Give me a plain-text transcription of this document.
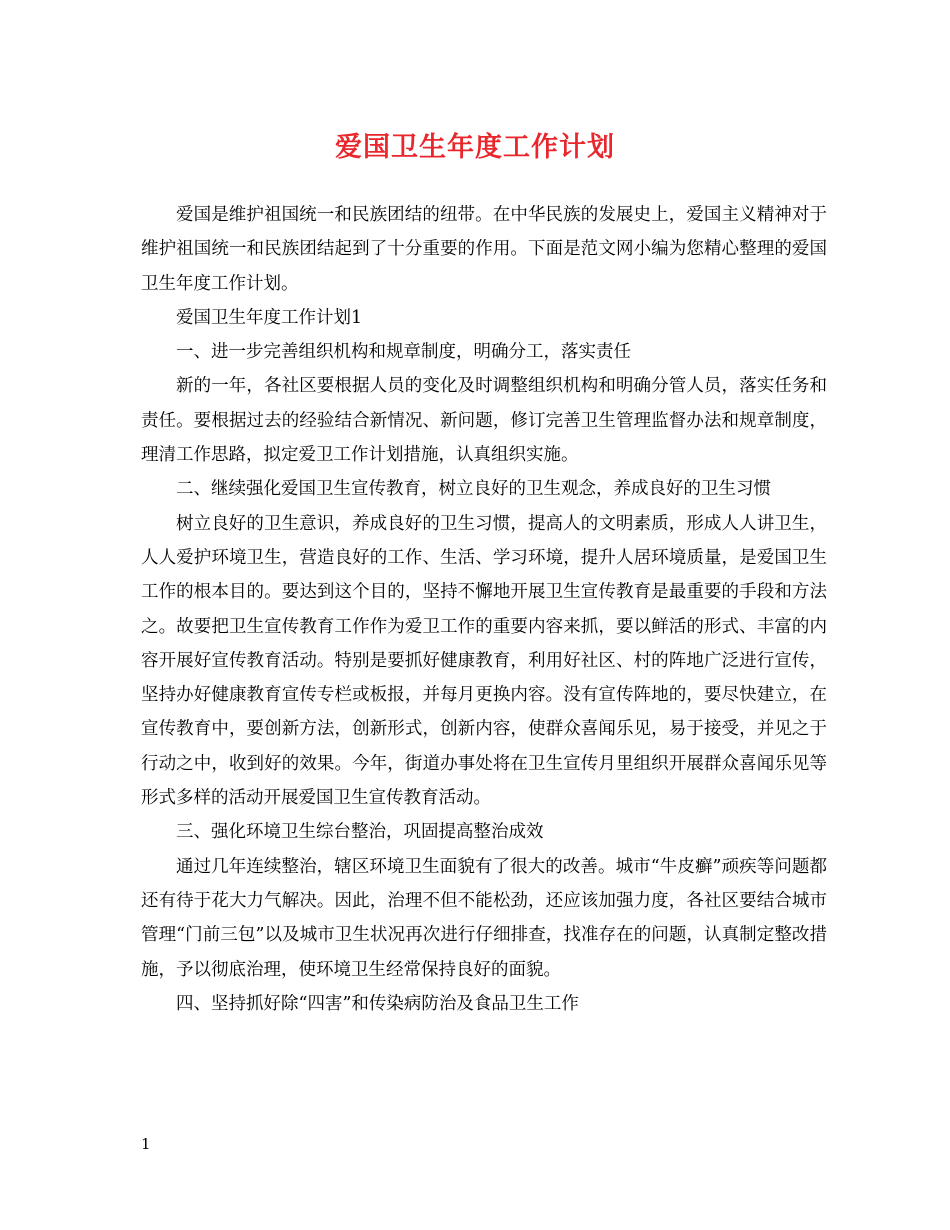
爱国卫生年度工作计划

爱国是维护祖国统一和民族团结的纽带。在中华民族的发展史上，爱国主义精神对于维护祖国统一和民族团结起到了十分重要的作用。下面是范文网小编为您精心整理的爱国卫生年度工作计划。

爱国卫生年度工作计划1

一、进一步完善组织机构和规章制度，明确分工，落实责任

新的一年，各社区要根据人员的变化及时调整组织机构和明确分管人员，落实任务和责任。要根据过去的经验结合新情况、新问题，修订完善卫生管理监督办法和规章制度，理清工作思路，拟定爱卫工作计划措施，认真组织实施。

二、继续强化爱国卫生宣传教育，树立良好的卫生观念，养成良好的卫生习惯

树立良好的卫生意识，养成良好的卫生习惯，提高人的文明素质，形成人人讲卫生，人人爱护环境卫生，营造良好的工作、生活、学习环境，提升人居环境质量，是爱国卫生工作的根本目的。要达到这个目的，坚持不懈地开展卫生宣传教育是最重要的手段和方法之。故要把卫生宣传教育工作作为爱卫工作的重要内容来抓，要以鲜活的形式、丰富的内容开展好宣传教育活动。特别是要抓好健康教育，利用好社区、村的阵地广泛进行宣传，坚持办好健康教育宣传专栏或板报，并每月更换内容。没有宣传阵地的，要尽快建立，在宣传教育中，要创新方法，创新形式，创新内容，使群众喜闻乐见，易于接受，并见之于行动之中，收到好的效果。今年，街道办事处将在卫生宣传月里组织开展群众喜闻乐见等形式多样的活动开展爱国卫生宣传教育活动。

三、强化环境卫生综台整治，巩固提高整治成效

通过几年连续整治，辖区环境卫生面貌有了很大的改善。城市“牛皮癣”顽疾等问题都还有待于花大力气解决。因此，治理不但不能松劲，还应该加强力度，各社区要结合城市管理“门前三包”以及城市卫生状况再次进行仔细排查，找准存在的问题，认真制定整改措施，予以彻底治理，使环境卫生经常保持良好的面貌。

四、坚持抓好除“四害”和传染病防治及食品卫生工作

1
